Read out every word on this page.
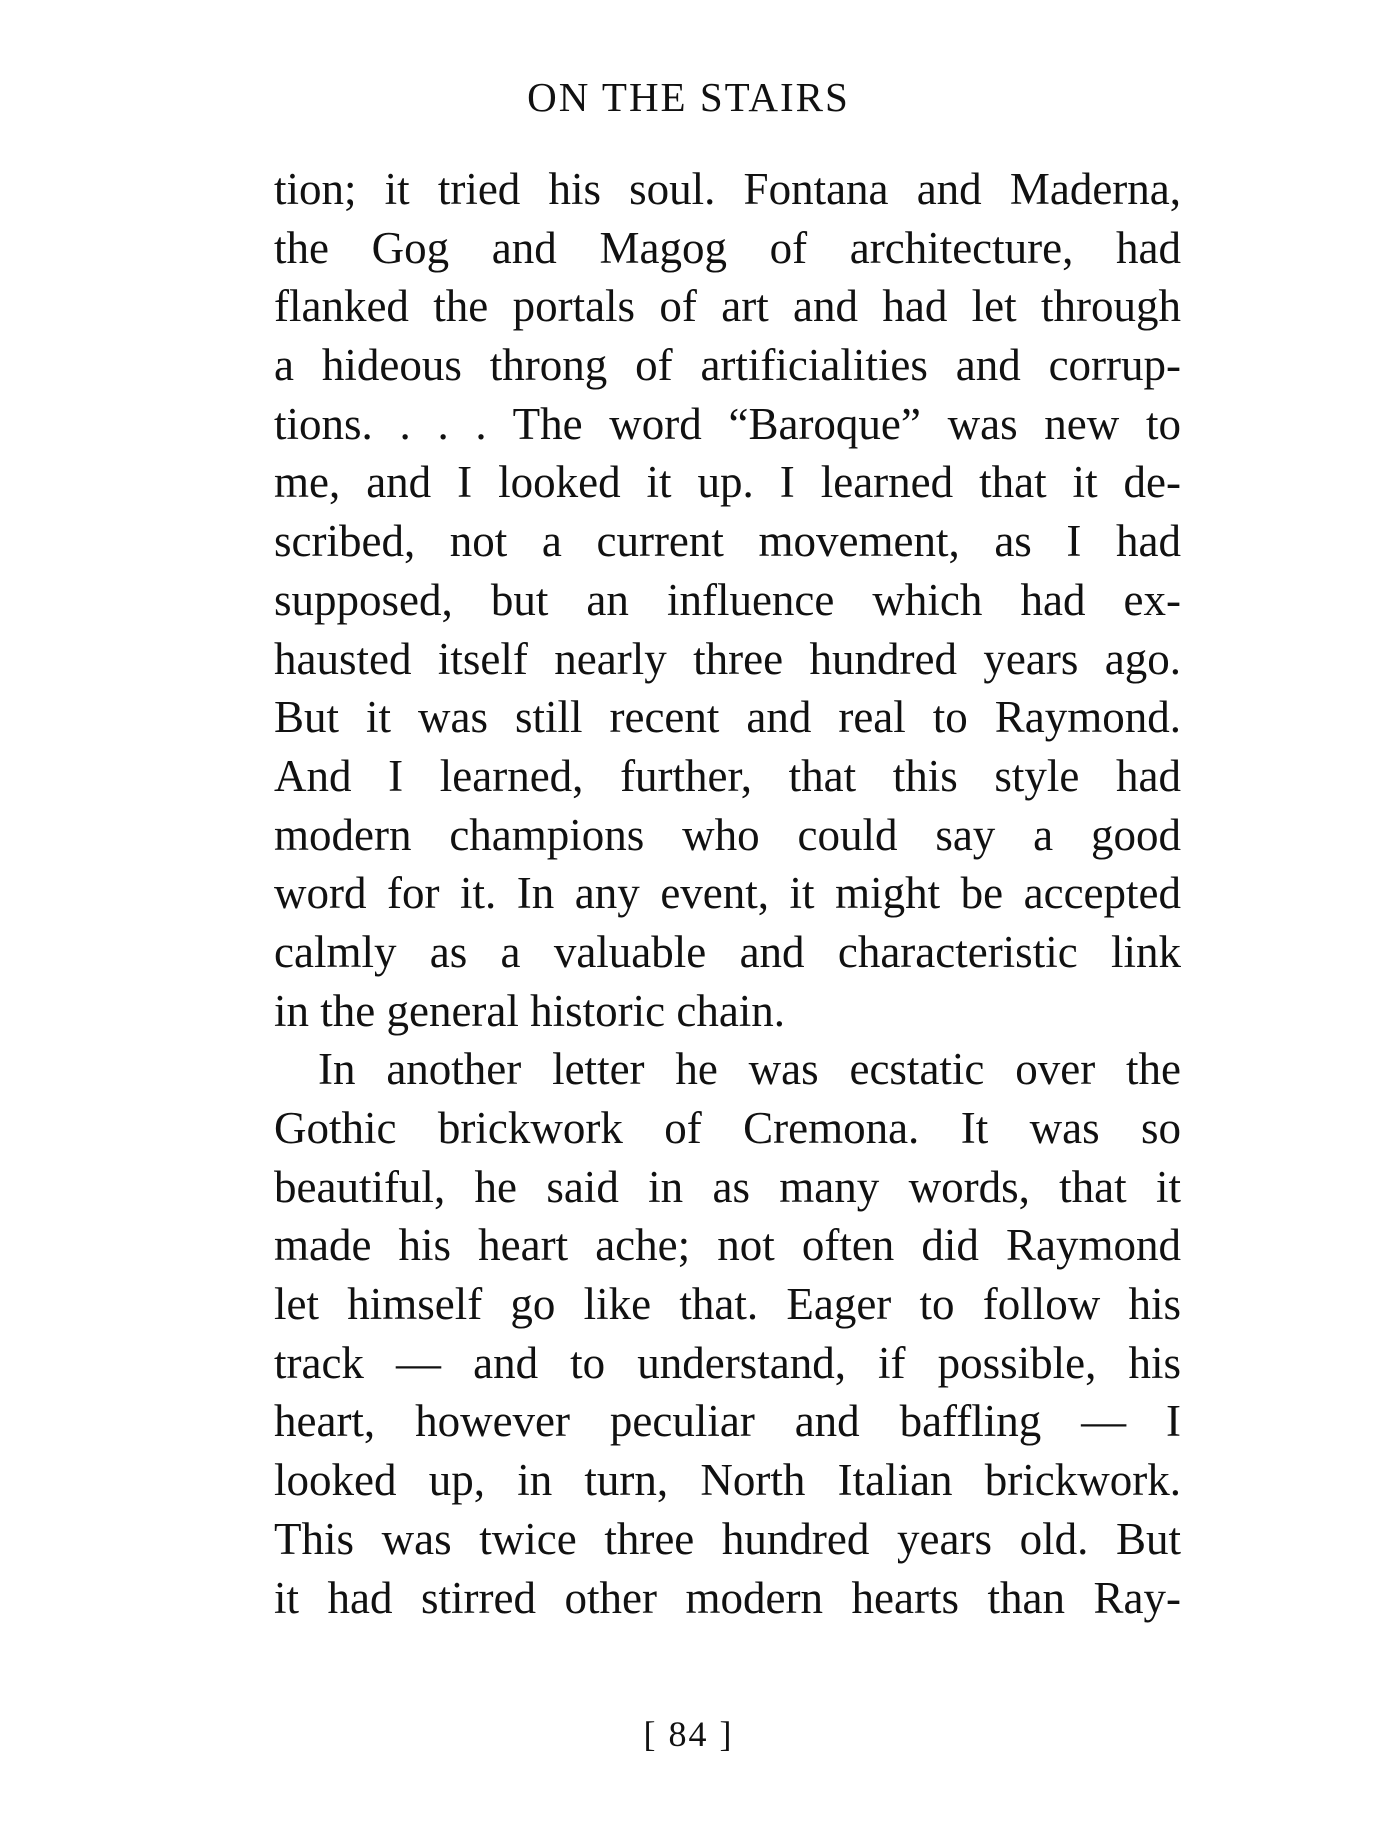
ON THE STAIRS
tion; it tried his soul. Fontana and Maderna,
the Gog and Magog of architecture, had
flanked the portals of art and had let through
a hideous throng of artificialities and corrup-
tions. . . . The word “Baroque” was new to
me, and I looked it up. I learned that it de-
scribed, not a current movement, as I had
supposed, but an influence which had ex-
hausted itself nearly three hundred years ago.
But it was still recent and real to Raymond.
And I learned, further, that this style had
modern champions who could say a good
word for it. In any event, it might be accepted
calmly as a valuable and characteristic link
in the general historic chain.
In another letter he was ecstatic over the
Gothic brickwork of Cremona. It was so
beautiful, he said in as many words, that it
made his heart ache; not often did Raymond
let himself go like that. Eager to follow his
track — and to understand, if possible, his
heart, however peculiar and baffling — I
looked up, in turn, North Italian brickwork.
This was twice three hundred years old. But
it had stirred other modern hearts than Ray-
[ 84 ]
